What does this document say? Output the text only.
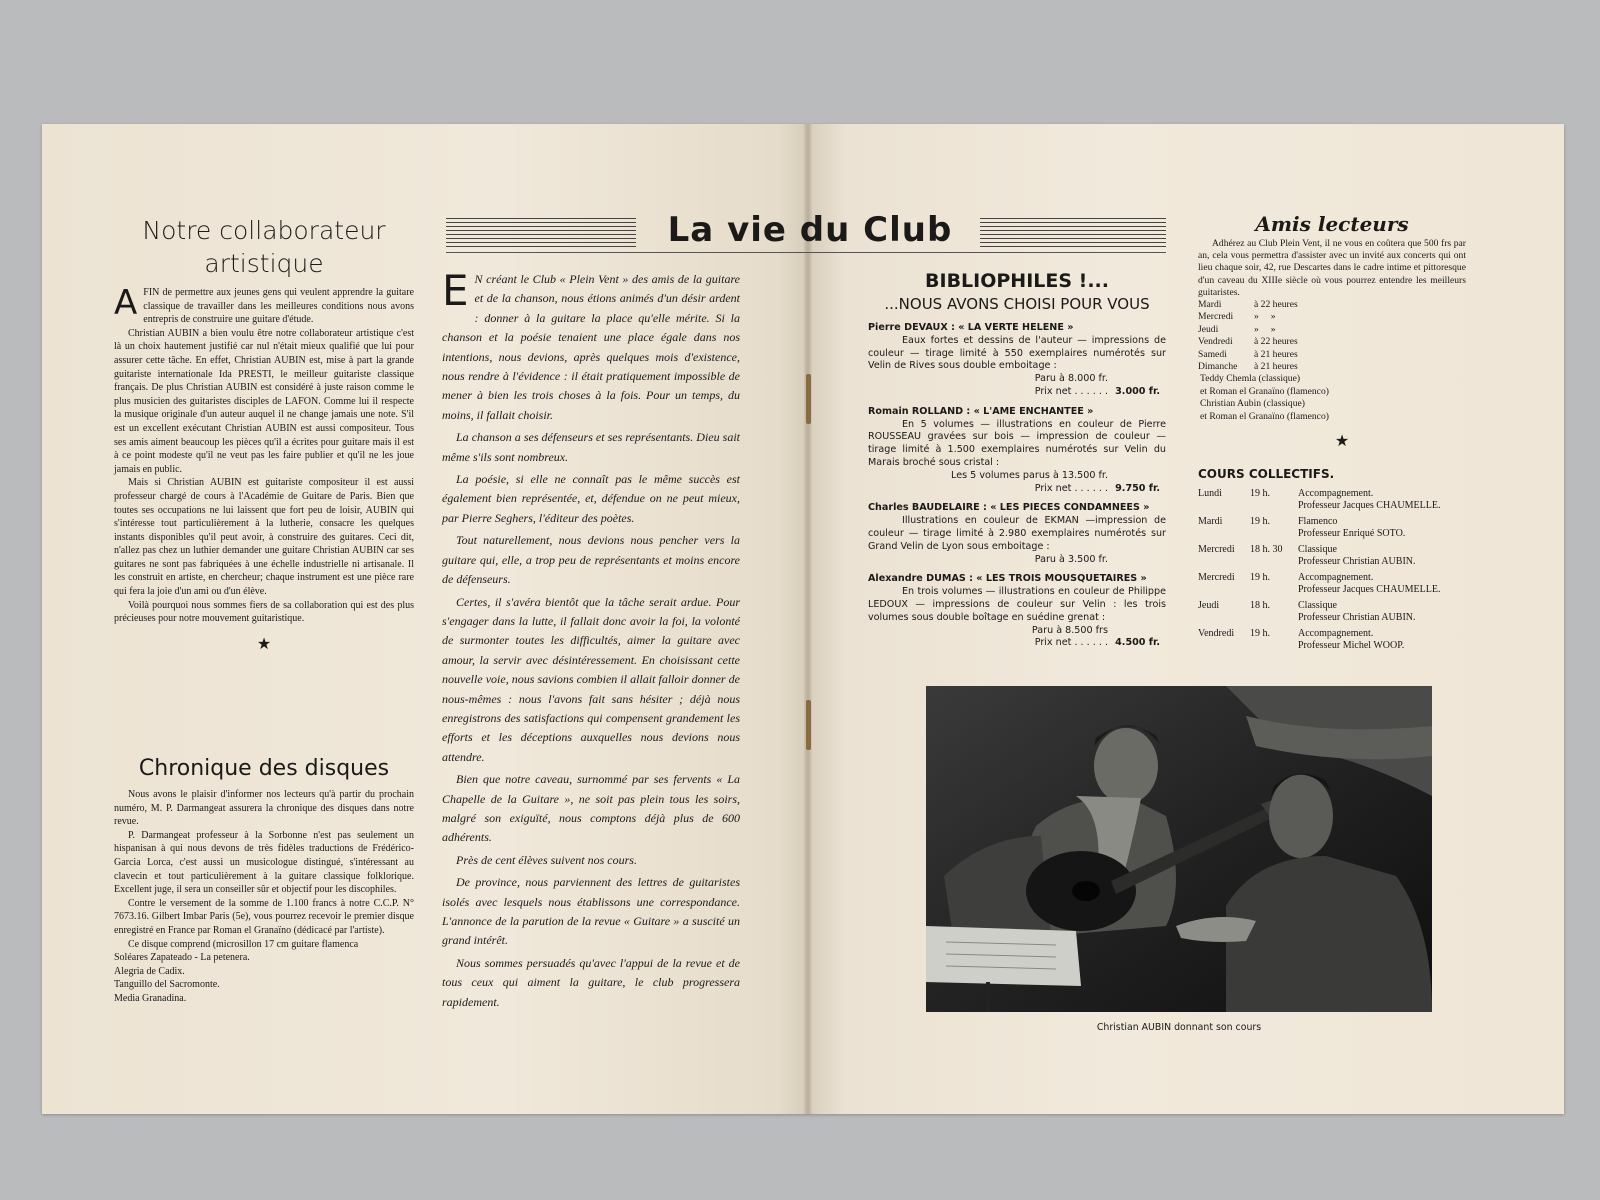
Notre collaborateur
artistique

AFIN de permettre aux jeunes gens qui veulent apprendre la guitare classique de travailler dans les meilleures conditions nous avons entrepris de construire une guitare d'étude.

Christian AUBIN a bien voulu être notre collaborateur artistique c'est là un choix hautement justifié car nul n'était mieux qualifié que lui pour assurer cette tâche. En effet, Christian AUBIN est, mise à part la grande guitariste internationale Ida PRESTI, le meilleur guitariste classique français. De plus Christian AUBIN est considéré à juste raison comme le plus musicien des guitaristes disciples de LAFON. Comme lui il respecte la musique originale d'un auteur auquel il ne change jamais une note. S'il est un excellent exécutant Christian AUBIN est aussi compositeur. Tous ses amis aiment beaucoup les pièces qu'il a écrites pour guitare mais il est à ce point modeste qu'il ne veut pas les faire publier et qu'il ne les joue jamais en public.

Mais si Christian AUBIN est guitariste compositeur il est aussi professeur chargé de cours à l'Académie de Guitare de Paris. Bien que toutes ses occupations ne lui laissent que fort peu de loisir, AUBIN qui s'intéresse tout particulièrement à la lutherie, consacre les quelques instants disponibles qu'il peut avoir, à construire des guitares. Ceci dit, n'allez pas chez un luthier demander une guitare Christian AUBIN car ses guitares ne sont pas fabriquées à une échelle industrielle ni artisanale. Il les construit en artiste, en chercheur; chaque instrument est une pièce rare qui fera la joie d'un ami ou d'un élève.

Voilà pourquoi nous sommes fiers de sa collaboration qui est des plus précieuses pour notre mouvement guitaristique.

★
Chronique des disques

Nous avons le plaisir d'informer nos lecteurs qu'à partir du prochain numéro, M. P. Darmangeat assurera la chronique des disques dans notre revue.

P. Darmangeat professeur à la Sorbonne n'est pas seulement un hispanisan à qui nous devons de très fidèles traductions de Frédérico-Garcia Lorca, c'est aussi un musicologue distingué, s'intéressant au clavecin et tout particulièrement à la guitare classique folklorique. Excellent juge, il sera un conseiller sûr et objectif pour les discophiles.

Contre le versement de la somme de 1.100 francs à notre C.C.P. N° 7673.16. Gilbert Imbar Paris (5e), vous pourrez recevoir le premier disque enregistré en France par Roman el Granaïno (dédicacé par l'artiste).

Ce disque comprend (microsillon 17 cm guitare flamenca

Soléares Zapateado - La petenera.

Alegria de Cadix.

Tanguillo del Sacromonte.

Media Granadina.

La vie du Club

E N créant le Club « Plein Vent » des amis de la guitare et de la chanson, nous étions animés d'un désir ardent : donner à la guitare la place qu'elle mérite. Si la chanson et la poésie tenaient une place égale dans nos intentions, nous devions, après quelques mois d'existence, nous rendre à l'évidence : il était pratiquement impossible de mener à bien les trois choses à la fois. Pour un temps, du moins, il fallait choisir.

La chanson a ses défenseurs et ses représentants. Dieu sait même s'ils sont nombreux.

La poésie, si elle ne connaît pas le même succès est également bien représentée, et, défendue on ne peut mieux, par Pierre Seghers, l'éditeur des poètes.

Tout naturellement, nous devions nous pencher vers la guitare qui, elle, a trop peu de représentants et moins encore de défenseurs.

Certes, il s'avéra bientôt que la tâche serait ardue. Pour s'engager dans la lutte, il fallait donc avoir la foi, la volonté de surmonter toutes les difficultés, aimer la guitare avec amour, la servir avec désintéressement. En choisissant cette nouvelle voie, nous savions combien il allait falloir donner de nous-mêmes : nous l'avons fait sans hésiter ; déjà nous enregistrons des satisfactions qui compensent grandement les efforts et les déceptions auxquelles nous devions nous attendre.

Bien que notre caveau, surnommé par ses fervents « La Chapelle de la Guitare », ne soit pas plein tous les soirs, malgré son exiguïté, nous comptons déjà plus de 600 adhérents.

Près de cent élèves suivent nos cours.

De province, nous parviennent des lettres de guitaristes isolés avec lesquels nous établissons une correspondance. L'annonce de la parution de la revue « Guitare » a suscité un grand intérêt.

Nous sommes persuadés qu'avec l'appui de la revue et de tous ceux qui aiment la guitare, le club progressera rapidement.

BIBLIOPHILES !...
...NOUS AVONS CHOISI POUR VOUS
Pierre DEVAUX : « LA VERTE HELENE »
Eaux fortes et dessins de l'auteur — impressions de couleur — tirage limité à 550 exemplaires numérotés sur Velin de Rives sous double emboitage :
Paru à 8.000 fr.
Prix net . . . . . . 3.000 fr.
Romain ROLLAND : « L'AME ENCHANTEE »
En 5 volumes — illustrations en couleur de Pierre ROUSSEAU gravées sur bois — impression de couleur — tirage limité à 1.500 exemplaires numérotés sur Velin du Marais broché sous cristal :
Les 5 volumes parus à 13.500 fr.
Prix net . . . . . . 9.750 fr.
Charles BAUDELAIRE : « LES PIECES CONDAMNEES »
Illustrations en couleur de EKMAN —impression de couleur — tirage limité à 2.980 exemplaires numérotés sur Grand Velin de Lyon sous emboitage :
Paru à 3.500 fr.
Alexandre DUMAS : « LES TROIS MOUSQUETAIRES »
En trois volumes — illustrations en couleur de Philippe LEDOUX — impressions de couleur sur Velin : les trois volumes sous double boîtage en suédine grenat :
Paru à 8.500 frs
Prix net . . . . . . 4.500 fr.
Amis lecteurs

Adhérez au Club Plein Vent, il ne vous en coûtera que 500 frs par an, cela vous permettra d'assister avec un invité aux concerts qui ont lieu chaque soir, 42, rue Descartes dans le cadre intime et pittoresque d'un caveau du XIIIe siècle où vous pourrez entendre les meilleurs guitaristes.

Mardi	à 22 heures
Mercredi	»     »
Jeudi	»     »
Vendredi	à 22 heures
Samedi	à 21 heures
Dimanche	à 21 heures
Teddy Chemla (classique)
et Roman el Granaïno (flamenco)
Christian Aubin (classique)
et Roman el Granaïno (flamenco)
★
COURS COLLECTIFS.
Lundi	19 h.	Accompagnement.
Professeur Jacques CHAUMELLE.
Mardi	19 h.	Flamenco
Professeur Enriqué SOTO.
Mercredi	18 h. 30	Classique
Professeur Christian AUBIN.
Mercredi	19 h.	Accompagnement.
Professeur Jacques CHAUMELLE.
Jeudi	18 h.	Classique
Professeur Christian AUBIN.
Vendredi	19 h.	Accompagnement.
Professeur Michel WOOP.
Christian AUBIN donnant son cours
